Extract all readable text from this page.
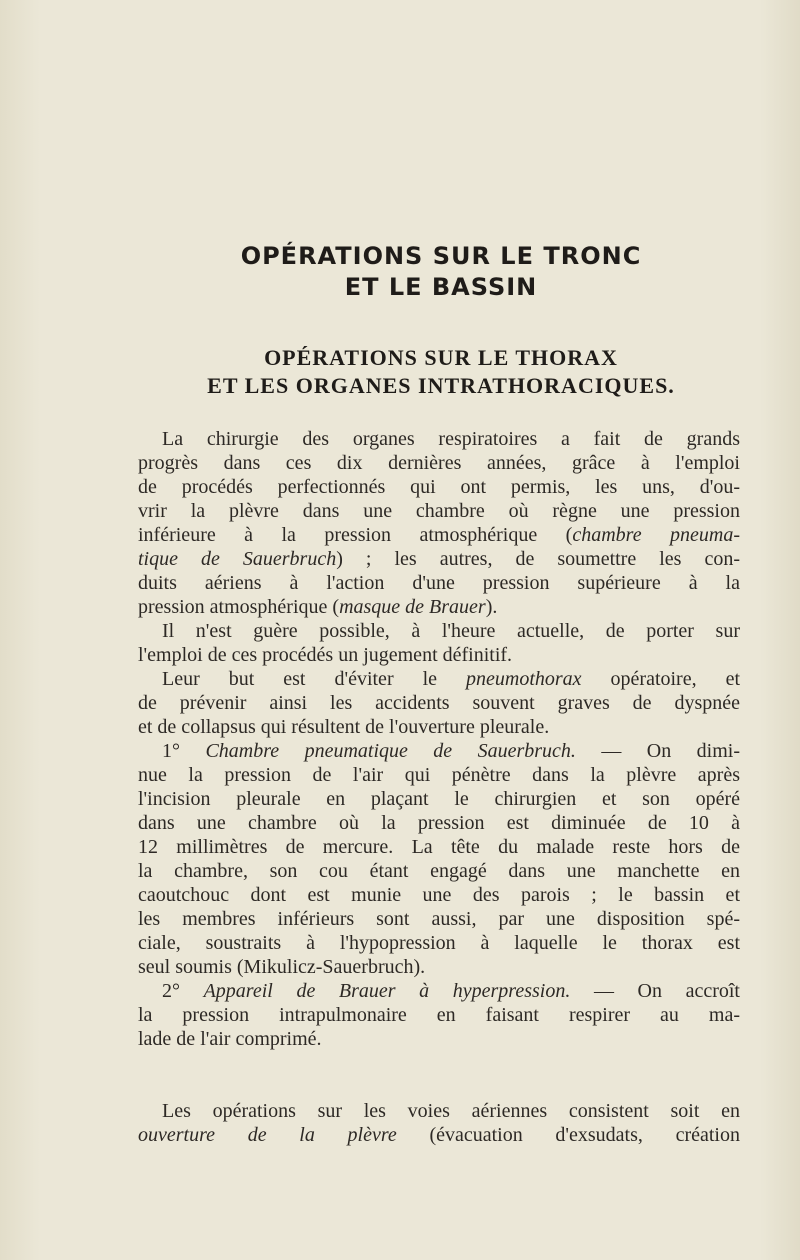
OPÉRATIONS SUR LE TRONC
ET LE BASSIN
OPÉRATIONS SUR LE THORAX
ET LES ORGANES INTRATHORACIQUES.
La chirurgie des organes respiratoires a fait de grands
progrès dans ces dix dernières années, grâce à l'emploi
de procédés perfectionnés qui ont permis, les uns, d'ou-
vrir la plèvre dans une chambre où règne une pression
inférieure à la pression atmosphérique (chambre pneuma-
tique de Sauerbruch) ; les autres, de soumettre les con-
duits aériens à l'action d'une pression supérieure à la
pression atmosphérique (masque de Brauer).
Il n'est guère possible, à l'heure actuelle, de porter sur
l'emploi de ces procédés un jugement définitif.
Leur but est d'éviter le pneumothorax opératoire, et
de prévenir ainsi les accidents souvent graves de dyspnée
et de collapsus qui résultent de l'ouverture pleurale.
1° Chambre pneumatique de Sauerbruch. — On dimi-
nue la pression de l'air qui pénètre dans la plèvre après
l'incision pleurale en plaçant le chirurgien et son opéré
dans une chambre où la pression est diminuée de 10 à
12 millimètres de mercure. La tête du malade reste hors de
la chambre, son cou étant engagé dans une manchette en
caoutchouc dont est munie une des parois ; le bassin et
les membres inférieurs sont aussi, par une disposition spé-
ciale, soustraits à l'hypopression à laquelle le thorax est
seul soumis (Mikulicz-Sauerbruch).
2° Appareil de Brauer à hyperpression. — On accroît
la pression intrapulmonaire en faisant respirer au ma-
lade de l'air comprimé.
Les opérations sur les voies aériennes consistent soit en
ouverture de la plèvre (évacuation d'exsudats, création
